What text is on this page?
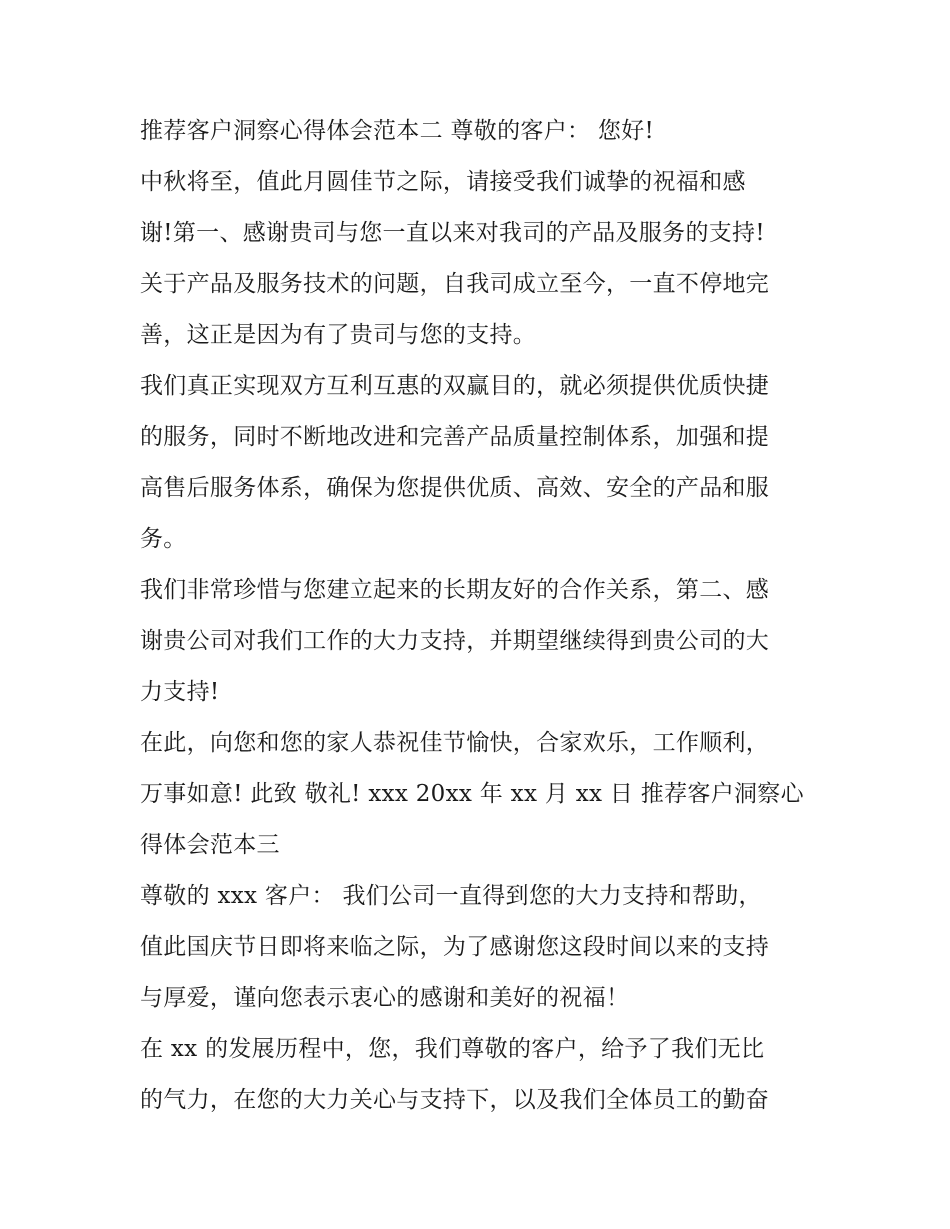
推荐客户洞察心得体会范本二 尊敬的客户： 您好!
中秋将至，值此月圆佳节之际，请接受我们诚挚的祝福和感
谢!第一、感谢贵司与您一直以来对我司的产品及服务的支持!
关于产品及服务技术的问题，自我司成立至今，一直不停地完
善，这正是因为有了贵司与您的支持。
我们真正实现双方互利互惠的双赢目的，就必须提供优质快捷
的服务，同时不断地改进和完善产品质量控制体系，加强和提
高售后服务体系，确保为您提供优质、高效、安全的产品和服
务。
我们非常珍惜与您建立起来的长期友好的合作关系，第二、感
谢贵公司对我们工作的大力支持，并期望继续得到贵公司的大
力支持!
在此，向您和您的家人恭祝佳节愉快，合家欢乐，工作顺利，
万事如意! 此致 敬礼! xxx 20xx 年 xx 月 xx 日 推荐客户洞察心
得体会范本三
尊敬的 xxx 客户： 我们公司一直得到您的大力支持和帮助，
值此国庆节日即将来临之际，为了感谢您这段时间以来的支持
与厚爱，谨向您表示衷心的感谢和美好的祝福！
在 xx 的发展历程中，您，我们尊敬的客户，给予了我们无比
的气力，在您的大力关心与支持下，以及我们全体员工的勤奋
